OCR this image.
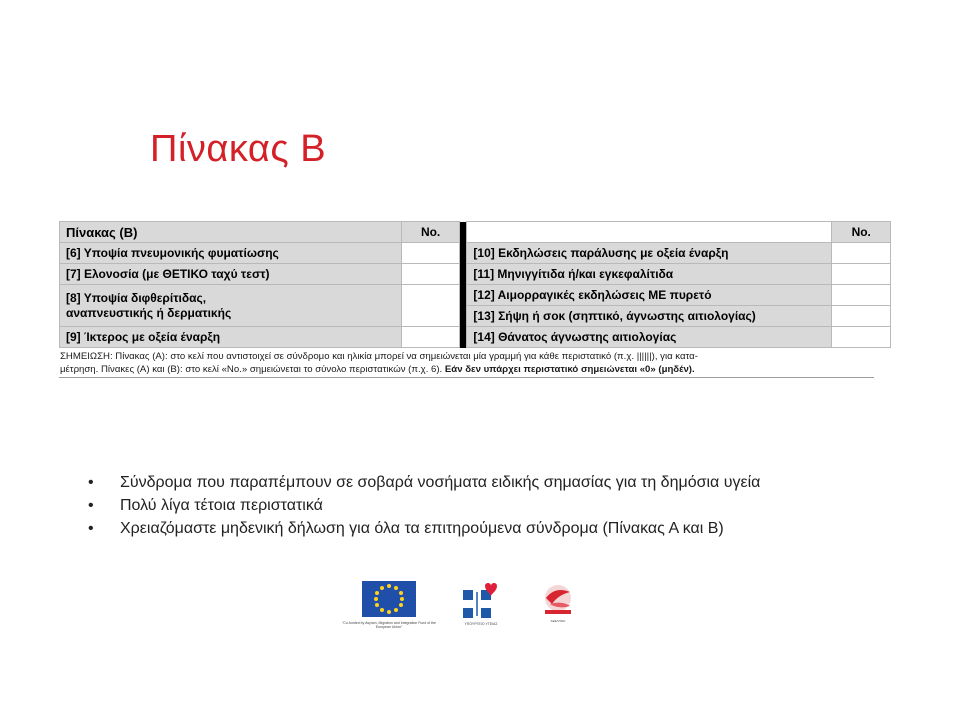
Πίνακας Β
Πίνακας (Β)	No.			No.
[6] Υποψία πνευμονικής φυματίωσης			[10] Εκδηλώσεις παράλυσης με οξεία έναρξη	
[7] Ελονοσία (με ΘΕΤΙΚΟ ταχύ τεστ)			[11] Μηνιγγίτιδα ή/και εγκεφαλίτιδα	

[8] Υποψία διφθερίτιδας, αναπνευστικής ή δερματικής			[12] Αιμορραγικές εκδηλώσεις ΜΕ πυρετό	
			[13] Σήψη ή σοκ (σηπτικό, άγνωστης αιτιολογίας)	
[9] Ίκτερος με οξεία έναρξη			[14] Θάνατος άγνωστης αιτιολογίας	
ΣΗΜΕΙΩΣΗ: Πίνακας (Α): στο κελί που αντιστοιχεί σε σύνδρομο και ηλικία μπορεί να σημειώνεται μία γραμμή για κάθε περιστατικό (π.χ. ||||||), για κατα-
μέτρηση. Πίνακες (Α) και (Β): στο κελί «No.» σημειώνεται το σύνολο περιστατικών (π.χ. 6). Εάν δεν υπάρχει περιστατικό σημειώνεται «0» (μηδέν).
• Σύνδρομα που παραπέμπουν σε σοβαρά νοσήματα ειδικής σημασίας για τη δημόσια υγεία
• Πολύ λίγα τέτοια περιστατικά
• Χρειαζόμαστε μηδενική δήλωση για όλα τα επιτηρούμενα σύνδρομα (Πίνακας Α και Β)
"Co-funded by Asylum, Migration and Integration Fund of the European Union"
ΥΠΟΥΡΓΕΙΟ ΥΓΕΙΑΣ
ΚΕΕΛΠΝΟ
